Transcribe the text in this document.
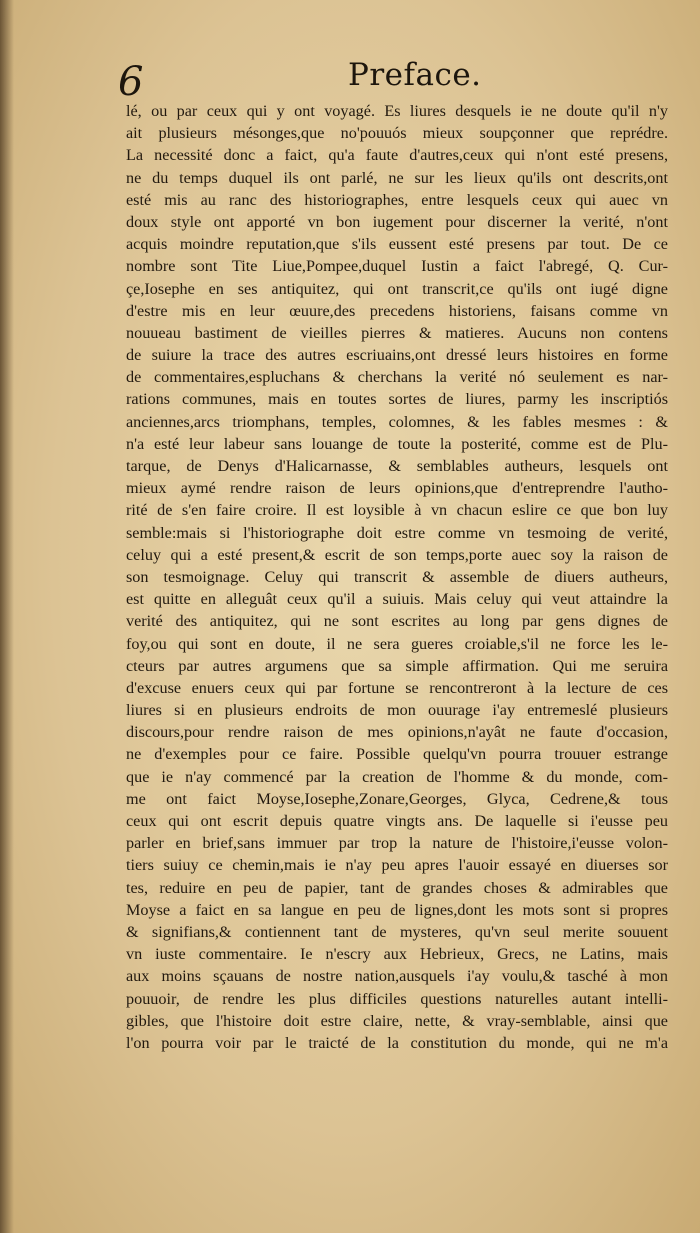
6	Preface.
lé, ou par ceux qui y ont voyagé. Es liures desquels ie ne doute qu'il n'y
ait plusieurs mésonges,que no'pouuós mieux soupçonner que reprédre.
La necessité donc a faict, qu'a faute d'autres,ceux qui n'ont esté presens,
ne du temps duquel ils ont parlé, ne sur les lieux qu'ils ont descrits,ont
esté mis au ranc des historiographes, entre lesquels ceux qui auec vn
doux style ont apporté vn bon iugement pour discerner la verité, n'ont
acquis moindre reputation,que s'ils eussent esté presens par tout. De ce
nombre sont Tite Liue,Pompee,duquel Iustin a faict l'abregé, Q. Cur-
çe,Iosephe en ses antiquitez, qui ont transcrit,ce qu'ils ont iugé digne
d'estre mis en leur œuure,des precedens historiens, faisans comme vn
nouueau bastiment de vieilles pierres & matieres. Aucuns non contens
de suiure la trace des autres escriuains,ont dressé leurs histoires en forme
de commentaires,espluchans & cherchans la verité nó seulement es nar-
rations communes, mais en toutes sortes de liures, parmy les inscriptiós
anciennes,arcs triomphans, temples, colomnes, & les fables mesmes : &
n'a esté leur labeur sans louange de toute la posterité, comme est de Plu-
tarque, de Denys d'Halicarnasse, & semblables autheurs, lesquels ont
mieux aymé rendre raison de leurs opinions,que d'entreprendre l'autho-
rité de s'en faire croire. Il est loysible à vn chacun eslire ce que bon luy
semble:mais si l'historiographe doit estre comme vn tesmoing de verité,
celuy qui a esté present,& escrit de son temps,porte auec soy la raison de
son tesmoignage. Celuy qui transcrit & assemble de diuers autheurs,
est quitte en alleguât ceux qu'il a suiuis. Mais celuy qui veut attaindre la
verité des antiquitez, qui ne sont escrites au long par gens dignes de
foy,ou qui sont en doute, il ne sera gueres croiable,s'il ne force les le-
cteurs par autres argumens que sa simple affirmation. Qui me seruira
d'excuse enuers ceux qui par fortune se rencontreront à la lecture de ces
liures si en plusieurs endroits de mon ouurage i'ay entremeslé plusieurs
discours,pour rendre raison de mes opinions,n'ayât ne faute d'occasion,
ne d'exemples pour ce faire. Possible quelqu'vn pourra trouuer estrange
que ie n'ay commencé par la creation de l'homme & du monde, com-
me ont faict Moyse,Iosephe,Zonare,Georges, Glyca, Cedrene,& tous
ceux qui ont escrit depuis quatre vingts ans. De laquelle si i'eusse peu
parler en brief,sans immuer par trop la nature de l'histoire,i'eusse volon-
tiers suiuy ce chemin,mais ie n'ay peu apres l'auoir essayé en diuerses sor
tes, reduire en peu de papier, tant de grandes choses & admirables que
Moyse a faict en sa langue en peu de lignes,dont les mots sont si propres
& signifians,& contiennent tant de mysteres, qu'vn seul merite souuent
vn iuste commentaire. Ie n'escry aux Hebrieux, Grecs, ne Latins, mais
aux moins sçauans de nostre nation,ausquels i'ay voulu,& tasché à mon
pouuoir, de rendre les plus difficiles questions naturelles autant intelli-
gibles, que l'histoire doit estre claire, nette, & vray-semblable, ainsi que
l'on pourra voir par le traicté de la constitution du monde, qui ne m'a
